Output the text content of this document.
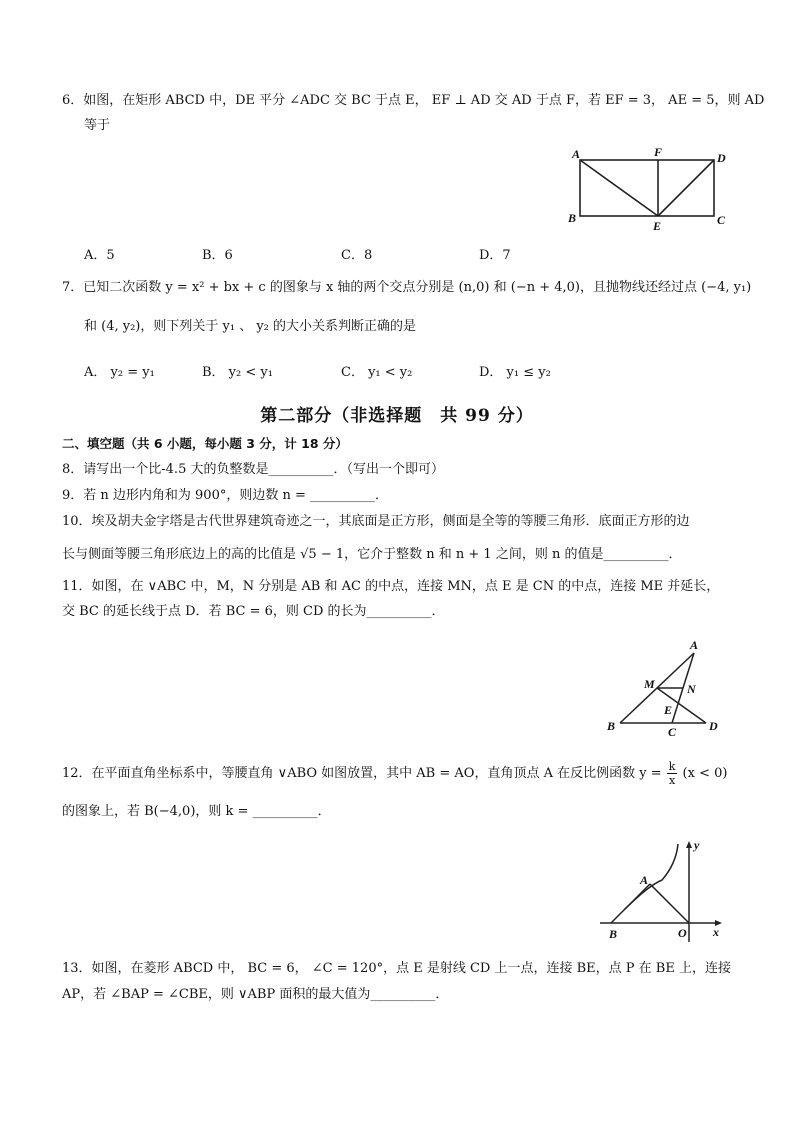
6．如图，在矩形 ABCD 中，DE 平分 ∠ADC 交 BC 于点 E， EF ⊥ AD 交 AD 于点 F，若 EF = 3， AE = 5，则 AD
等于
A	F	D
B
E	C
A．5	B．6	C．8	D．7
7．已知二次函数 y = x² + bx + c 的图象与 x 轴的两个交点分别是 (n,0) 和 (−n + 4,0)，且抛物线还经过点 (−4, y₁)
和 (4, y₂)，则下列关于 y₁ 、 y₂ 的大小关系判断正确的是
A． y₂ = y₁	B． y₂ < y₁	C． y₁ < y₂	D． y₁ ≤ y₂
第二部分（非选择题　共 99 分）
二、填空题（共 6 小题，每小题 3 分，计 18 分）
8．请写出一个比-4.5 大的负整数是__________．（写出一个即可）
9．若 n 边形内角和为 900°，则边数 n = __________．
10．埃及胡夫金字塔是古代世界建筑奇迹之一，其底面是正方形，侧面是全等的等腰三角形．底面正方形的边
长与侧面等腰三角形底边上的高的比值是 √5 − 1，它介于整数 n 和 n + 1 之间，则 n 的值是__________．
11．如图，在 ∨ABC 中，M，N 分别是 AB 和 AC 的中点，连接 MN，点 E 是 CN 的中点，连接 ME 并延长，
交 BC 的延长线于点 D．若 BC = 6，则 CD 的长为__________．
A
M	N
E
B	C	D
12．在平面直角坐标系中，等腰直角 ∨ABO 如图放置，其中 AB = AO，直角顶点 A 在反比例函数 $y = \frac{k}{x} (x < 0)$
的图象上，若 B(−4,0)，则 k = __________．
y
A
B	O x
13．如图，在菱形 ABCD 中， BC = 6， ∠C = 120°，点 E 是射线 CD 上一点，连接 BE，点 P 在 BE 上，连接
AP，若 ∠BAP = ∠CBE，则 ∨ABP 面积的最大值为__________．
